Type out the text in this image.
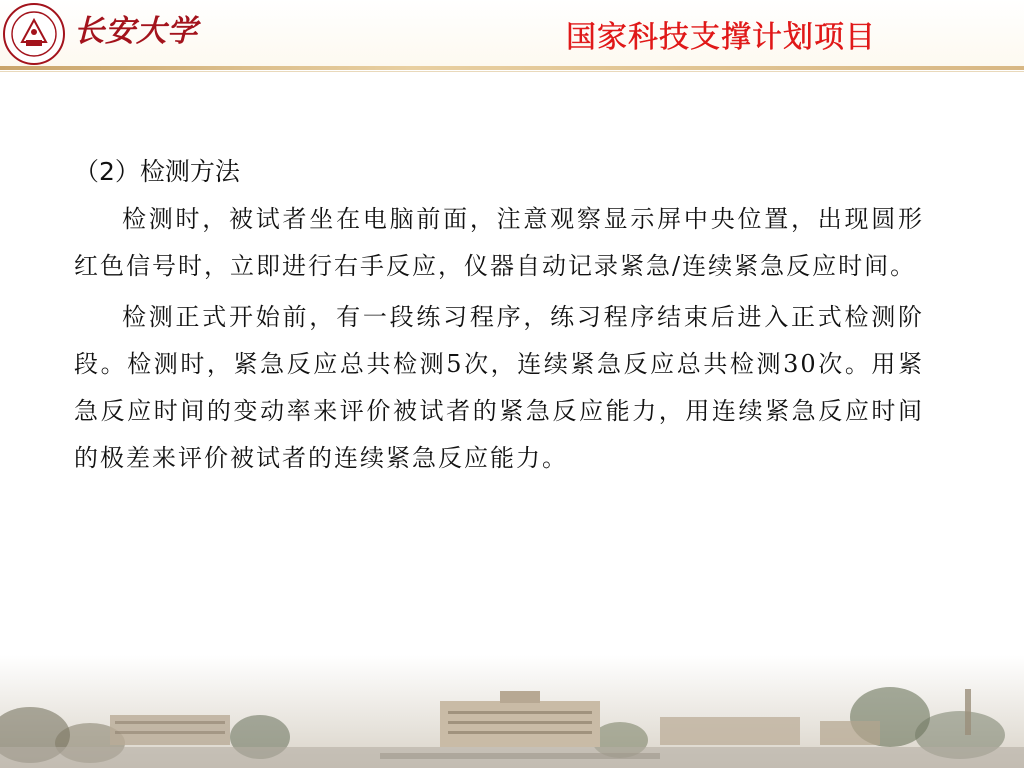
长安大学	国家科技支撑计划项目
（2）检测方法

检测时，被试者坐在电脑前面，注意观察显示屏中央位置，出现圆形红色信号时，立即进行右手反应，仪器自动记录紧急/连续紧急反应时间。

检测正式开始前，有一段练习程序，练习程序结束后进入正式检测阶段。检测时，紧急反应总共检测5次，连续紧急反应总共检测30次。用紧急反应时间的变动率来评价被试者的紧急反应能力，用连续紧急反应时间的极差来评价被试者的连续紧急反应能力。
